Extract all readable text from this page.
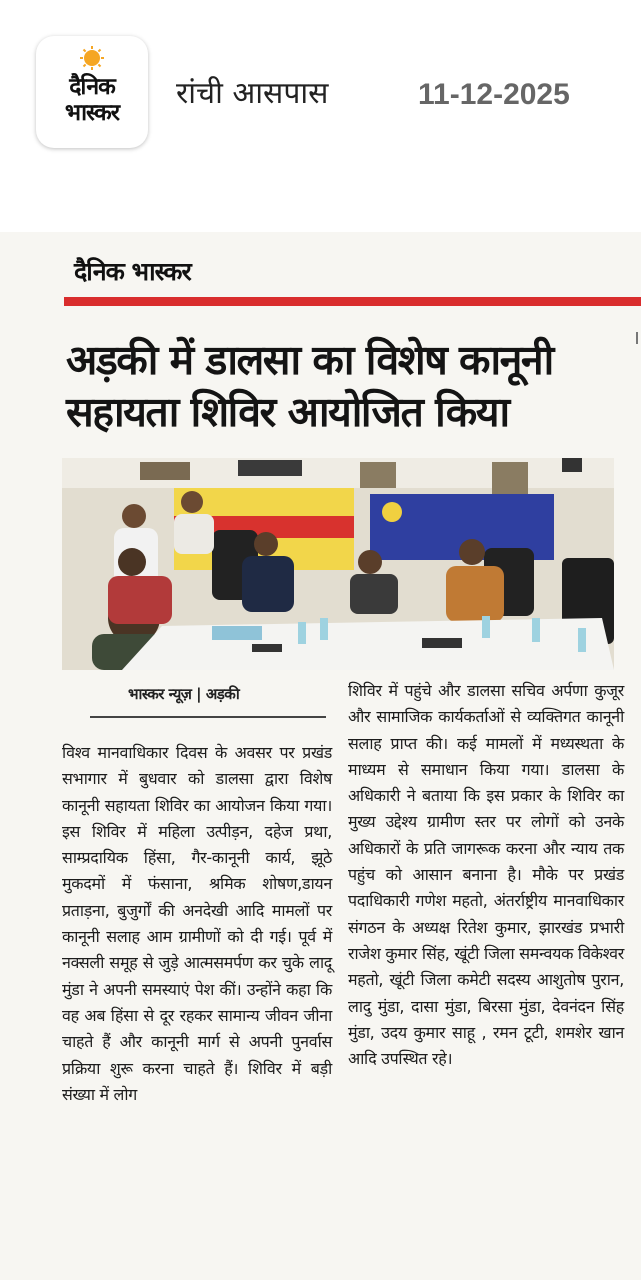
दैनिक
भास्कर
रांची आसपास	11-12-2025
दैनिक भास्कर
अड़की में डालसा का विशेष कानूनी
सहायता शिविर आयोजित किया
भास्कर न्यूज़ | अड़की
विश्व मानवाधिकार दिवस के अवसर पर प्रखंड सभागार में बुधवार को डालसा द्वारा विशेष कानूनी सहायता शिविर का आयोजन किया गया। इस शिविर में महिला उत्पीड़न, दहेज प्रथा, साम्प्रदायिक हिंसा, गैर-कानूनी कार्य, झूठे मुकदमों में फंसाना, श्रमिक शोषण,डायन प्रताड़ना, बुजुर्गों की अनदेखी आदि मामलों पर कानूनी सलाह आम ग्रामीणों को दी गई। पूर्व में नक्सली समूह से जुड़े आत्मसमर्पण कर चुके लादू मुंडा ने अपनी समस्याएं पेश कीं। उन्होंने कहा कि वह अब हिंसा से दूर रहकर सामान्य जीवन जीना चाहते हैं और कानूनी मार्ग से अपनी पुनर्वास प्रक्रिया शुरू करना चाहते हैं। शिविर में बड़ी संख्या में लोग
शिविर में पहुंचे और डालसा सचिव अर्पणा कुजूर और सामाजिक कार्यकर्ताओं से व्यक्तिगत कानूनी सलाह प्राप्त की। कई मामलों में मध्यस्थता के माध्यम से समाधान किया गया। डालसा के अधिकारी ने बताया कि इस प्रकार के शिविर का मुख्य उद्देश्य ग्रामीण स्तर पर लोगों को उनके अधिकारों के प्रति जागरूक करना और न्याय तक पहुंच को आसान बनाना है। मौके पर प्रखंड पदाधिकारी गणेश महतो, अंतर्राष्ट्रीय मानवाधिकार संगठन के अध्यक्ष रितेश कुमार, झारखंड प्रभारी राजेश कुमार सिंह, खूंटी जिला समन्वयक विकेश्वर महतो, खूंटी जिला कमेटी सदस्य आशुतोष पुरान, लादु मुंडा, दासा मुंडा, बिरसा मुंडा, देवनंदन सिंह मुंडा, उदय कुमार साहू , रमन टूटी, शमशेर खान आदि उपस्थित रहे।
